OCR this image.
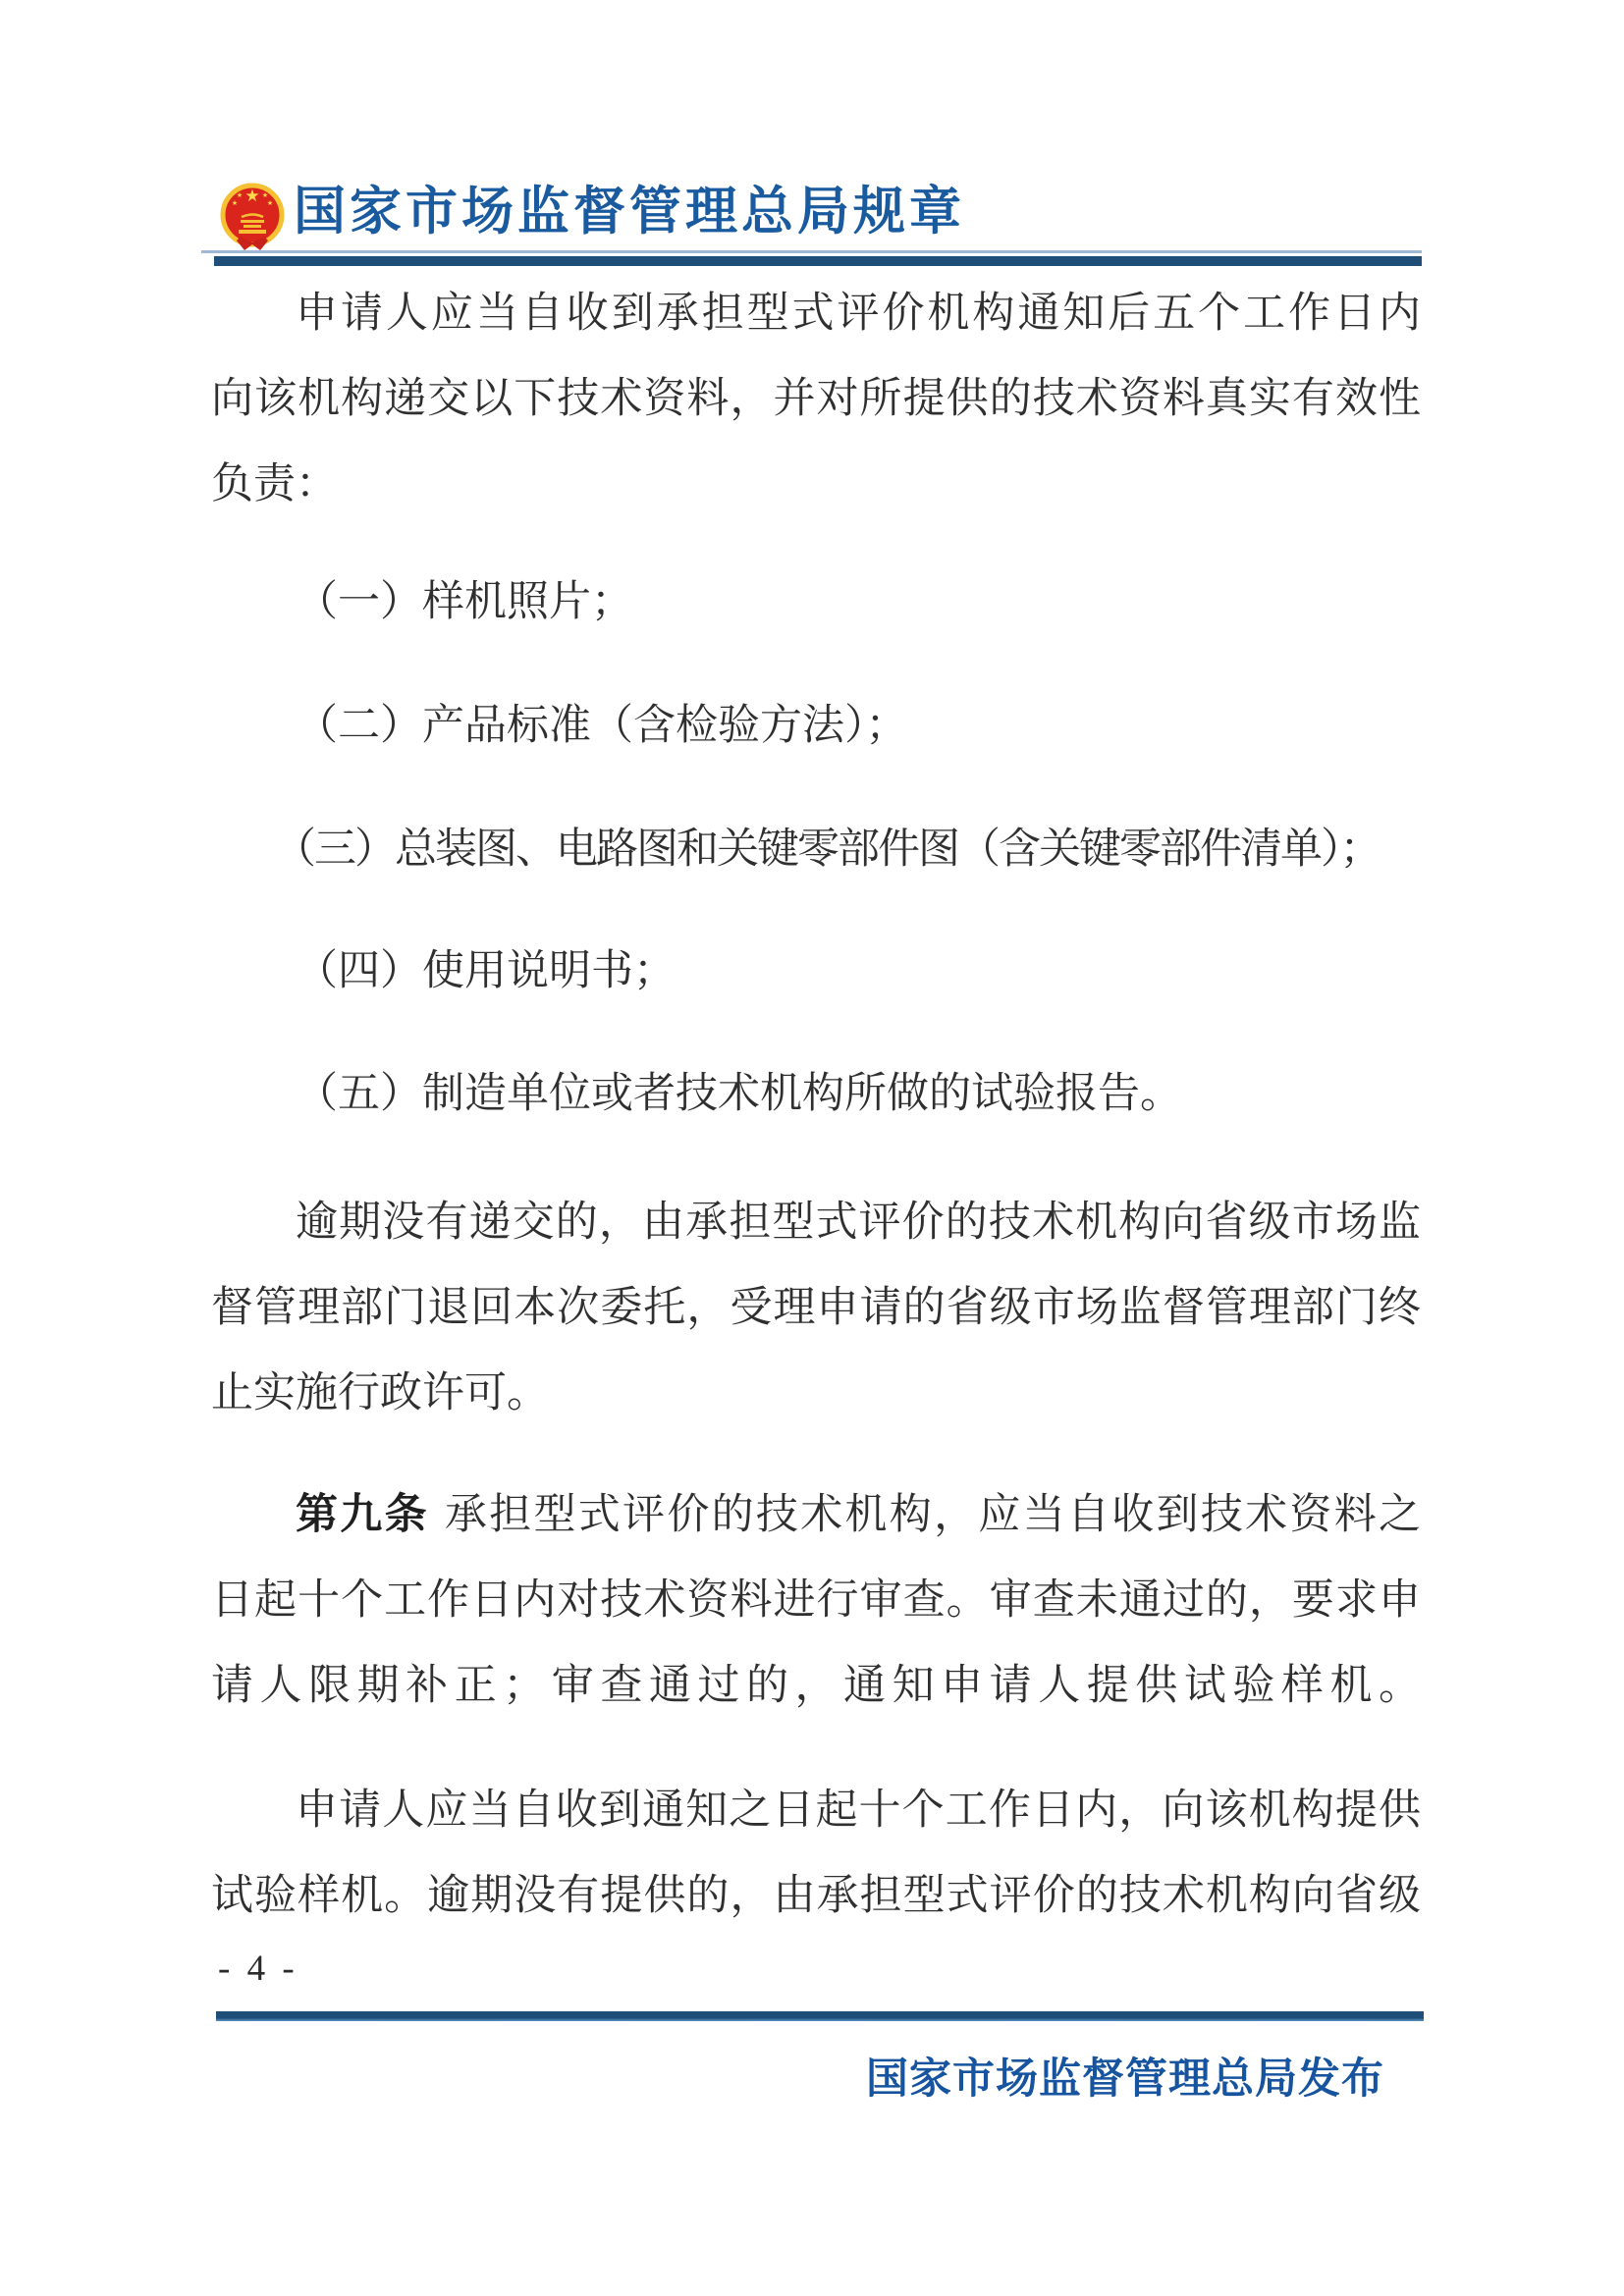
★
★	★
★	★ 国家市场监督管理总局规章
申请人应当自收到承担型式评价机构通知后五个工作日内
向该机构递交以下技术资料，并对所提供的技术资料真实有效性
负责：
（一）样机照片；
（二）产品标准（含检验方法）；
（三）总装图、电路图和关键零部件图（含关键零部件清单）；
（四）使用说明书；
（五）制造单位或者技术机构所做的试验报告。
逾期没有递交的，由承担型式评价的技术机构向省级市场监
督管理部门退回本次委托，受理申请的省级市场监督管理部门终
止实施行政许可。
第九条 承担型式评价的技术机构，应当自收到技术资料之
日起十个工作日内对技术资料进行审查。审查未通过的，要求申
请人限期补正；审查通过的，通知申请人提供试验样机。
申请人应当自收到通知之日起十个工作日内，向该机构提供
试验样机。逾期没有提供的，由承担型式评价的技术机构向省级
- 4 -
国家市场监督管理总局发布
